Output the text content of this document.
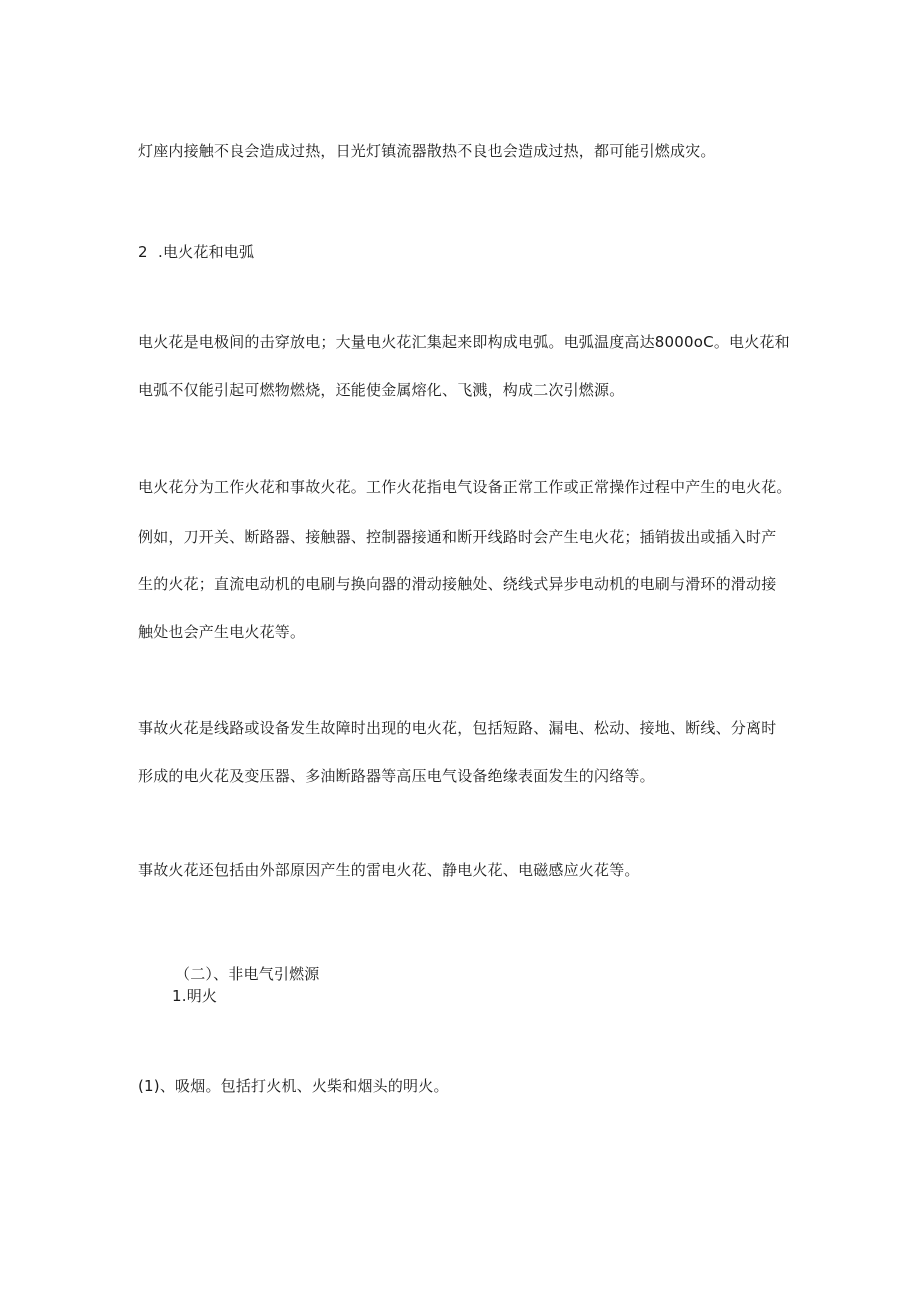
灯座内接触不良会造成过热，日光灯镇流器散热不良也会造成过热，都可能引燃成灾。
2 .电火花和电弧
电火花是电极间的击穿放电；大量电火花汇集起来即构成电弧。电弧温度高达8000oC。电火花和
电弧不仅能引起可燃物燃烧，还能使金属熔化、飞溅，构成二次引燃源。
电火花分为工作火花和事故火花。工作火花指电气设备正常工作或正常操作过程中产生的电火花。
例如，刀开关、断路器、接触器、控制器接通和断开线路时会产生电火花；插销拔出或插入时产
生的火花；直流电动机的电刷与换向器的滑动接触处、绕线式异步电动机的电刷与滑环的滑动接
触处也会产生电火花等。
事故火花是线路或设备发生故障时出现的电火花，包括短路、漏电、松动、接地、断线、分离时
形成的电火花及变压器、多油断路器等高压电气设备绝缘表面发生的闪络等。
事故火花还包括由外部原因产生的雷电火花、静电火花、电磁感应火花等。
（二）、非电气引燃源
1.明火
(1)、吸烟。包括打火机、火柴和烟头的明火。
